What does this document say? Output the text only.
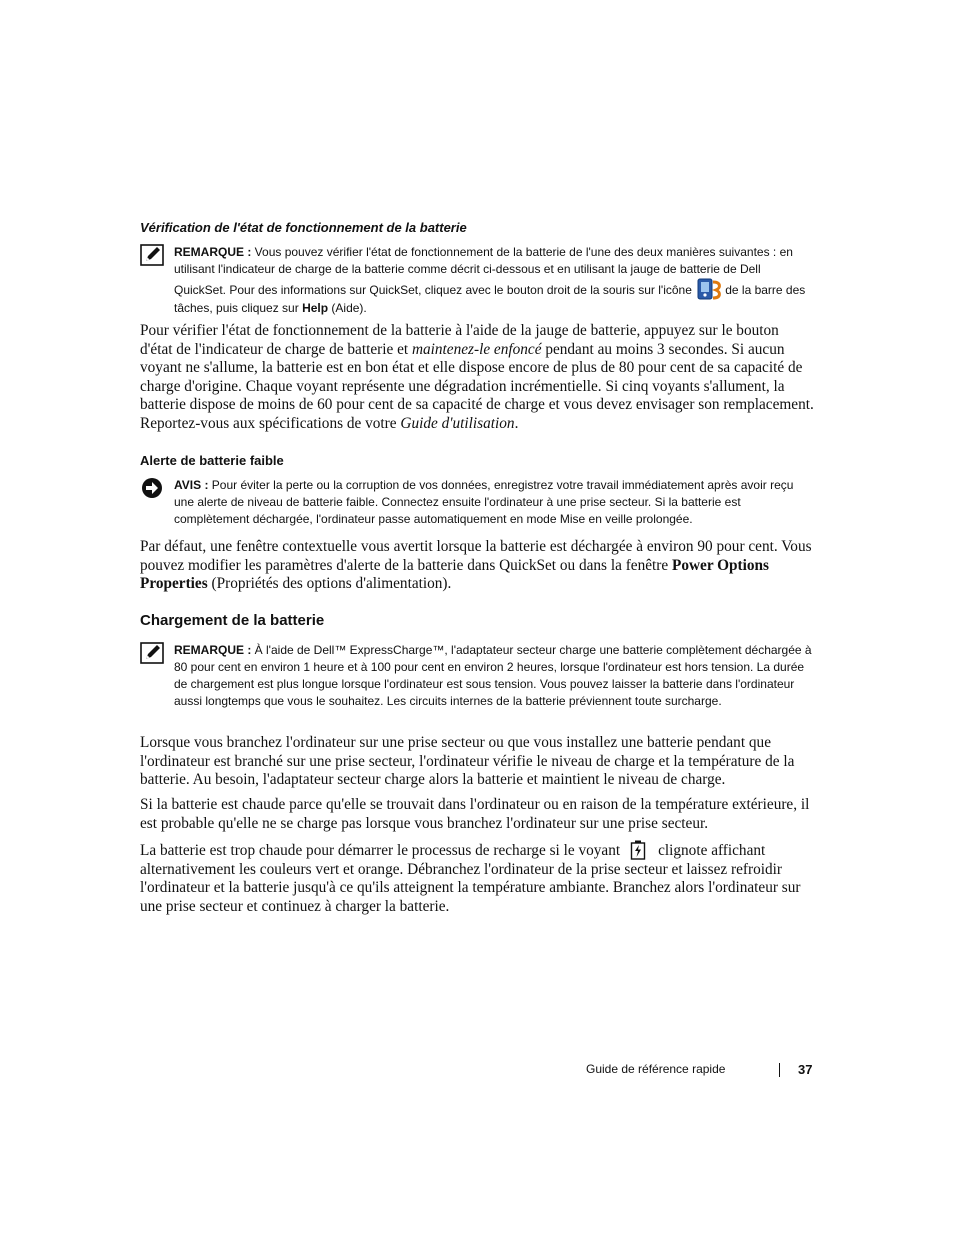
Vérification de l'état de fonctionnement de la batterie
REMARQUE : Vous pouvez vérifier l'état de fonctionnement de la batterie de l'une des deux manières suivantes : en utilisant l'indicateur de charge de la batterie comme décrit ci-dessous et en utilisant la jauge de batterie de Dell QuickSet. Pour des informations sur QuickSet, cliquez avec le bouton droit de la souris sur l'icône	de la barre des tâches, puis cliquez sur Help (Aide).

Pour vérifier l'état de fonctionnement de la batterie à l'aide de la jauge de batterie, appuyez sur le bouton d'état de l'indicateur de charge de batterie et maintenez-le enfoncé pendant au moins 3 secondes. Si aucun voyant ne s'allume, la batterie est en bon état et elle dispose encore de plus de 80 pour cent de sa capacité de charge d'origine. Chaque voyant représente une dégradation incrémentielle. Si cinq voyants s'allument, la batterie dispose de moins de 60 pour cent de sa capacité de charge et vous devez envisager son remplacement. Reportez-vous aux spécifications de votre Guide d'utilisation.

Alerte de batterie faible
AVIS : Pour éviter la perte ou la corruption de vos données, enregistrez votre travail immédiatement après avoir reçu une alerte de niveau de batterie faible. Connectez ensuite l'ordinateur à une prise secteur. Si la batterie est complètement déchargée, l'ordinateur passe automatiquement en mode Mise en veille prolongée.

Par défaut, une fenêtre contextuelle vous avertit lorsque la batterie est déchargée à environ 90 pour cent. Vous pouvez modifier les paramètres d'alerte de la batterie dans QuickSet ou dans la fenêtre Power Options Properties (Propriétés des options d'alimentation).

Chargement de la batterie
REMARQUE : À l'aide de Dell™ ExpressCharge™, l'adaptateur secteur charge une batterie complètement déchargée à 80 pour cent en environ 1 heure et à 100 pour cent en environ 2 heures, lorsque l'ordinateur est hors tension. La durée de chargement est plus longue lorsque l'ordinateur est sous tension. Vous pouvez laisser la batterie dans l'ordinateur aussi longtemps que vous le souhaitez. Les circuits internes de la batterie préviennent toute surcharge.

Lorsque vous branchez l'ordinateur sur une prise secteur ou que vous installez une batterie pendant que l'ordinateur est branché sur une prise secteur, l'ordinateur vérifie le niveau de charge et la température de la batterie. Au besoin, l'adaptateur secteur charge alors la batterie et maintient le niveau de charge.

Si la batterie est chaude parce qu'elle se trouvait dans l'ordinateur ou en raison de la température extérieure, il est probable qu'elle ne se charge pas lorsque vous branchez l'ordinateur sur une prise secteur.

La batterie est trop chaude pour démarrer le processus de recharge si le voyant clignote affichant alternativement les couleurs vert et orange. Débranchez l'ordinateur de la prise secteur et laissez refroidir l'ordinateur et la batterie jusqu'à ce qu'ils atteignent la température ambiante. Branchez alors l'ordinateur sur une prise secteur et continuez à charger la batterie.

Guide de référence rapide	37
